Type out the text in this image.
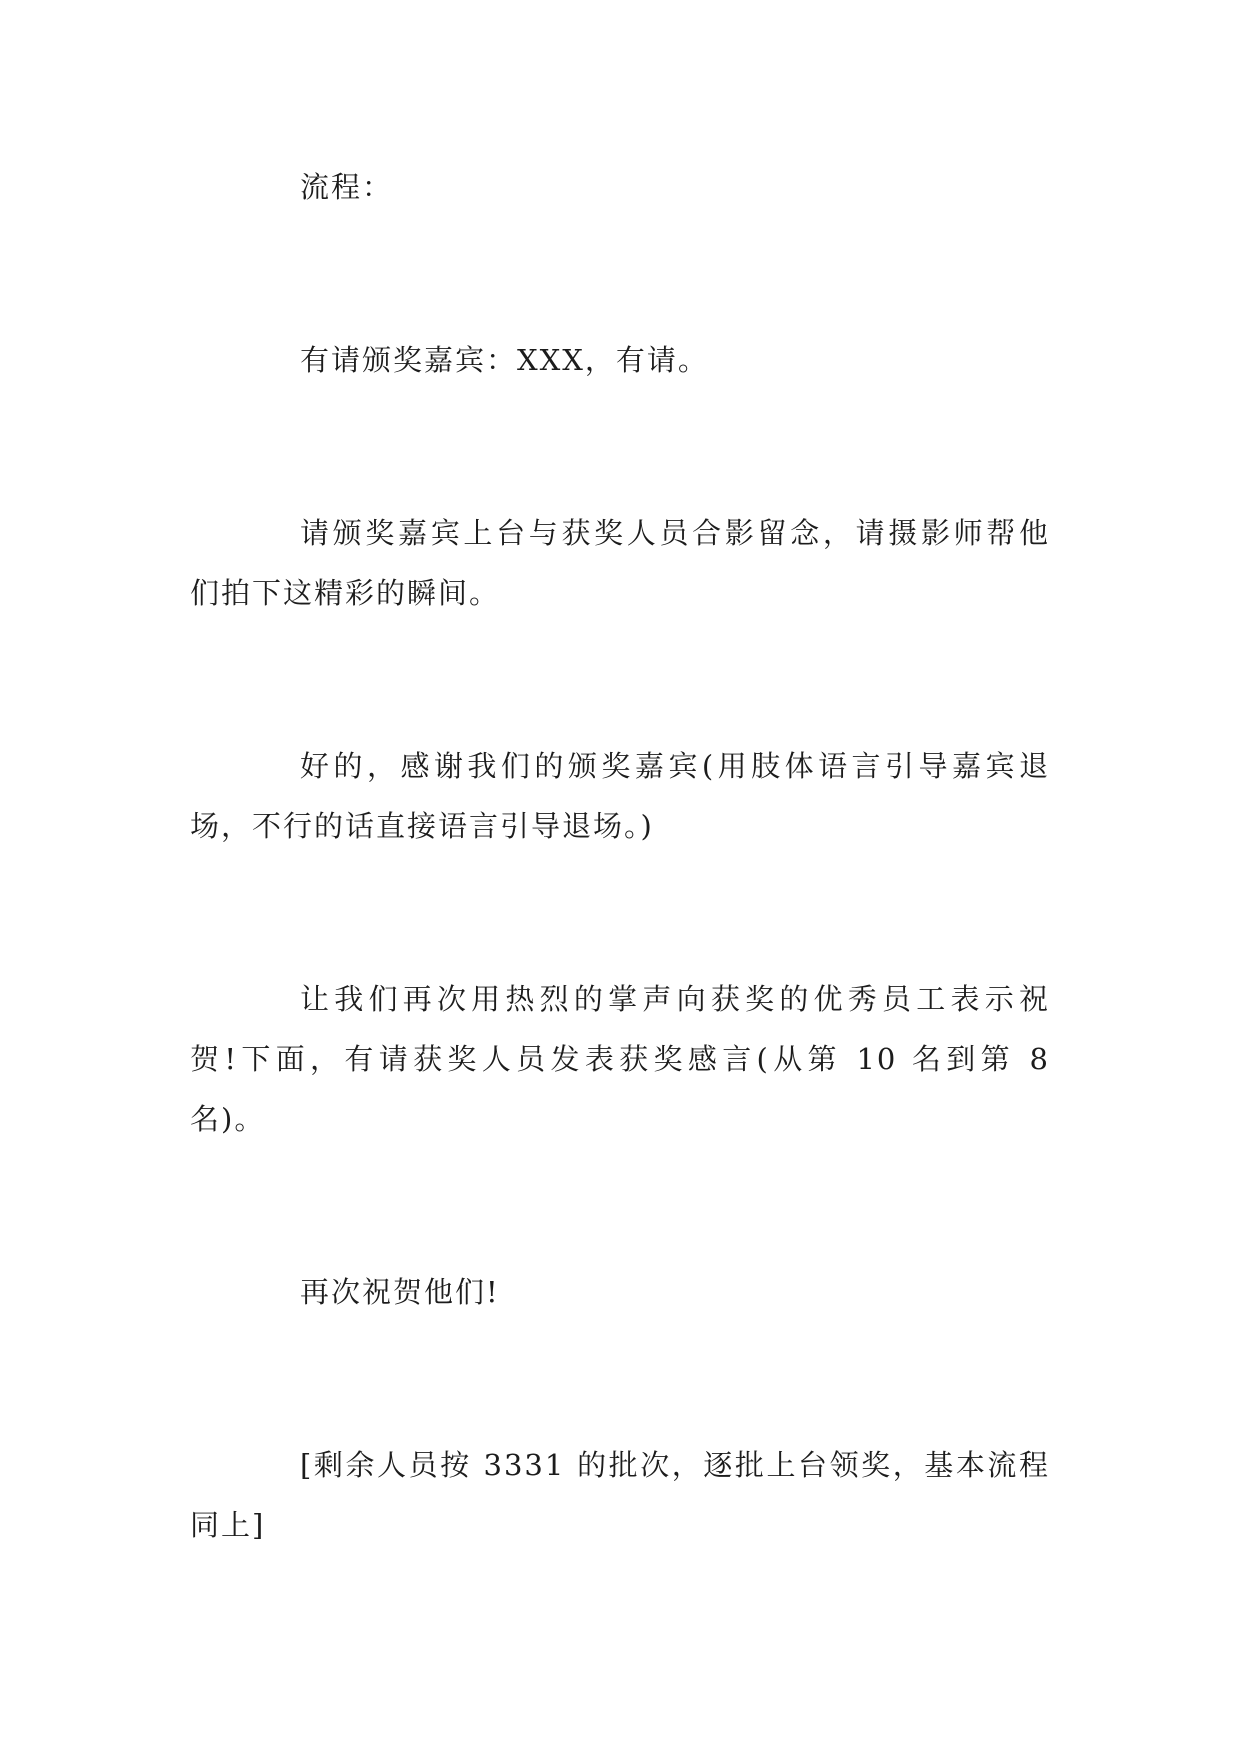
流程：
有请颁奖嘉宾：XXX，有请。
请颁奖嘉宾上台与获奖人员合影留念，请摄影师帮他
们拍下这精彩的瞬间。
好的，感谢我们的颁奖嘉宾(用肢体语言引导嘉宾退
场，不行的话直接语言引导退场。)
让我们再次用热烈的掌声向获奖的优秀员工表示祝
贺!下面，有请获奖人员发表获奖感言(从第 10 名到第 8
名)。
再次祝贺他们!
[剩余人员按 3331 的批次，逐批上台领奖，基本流程
同上]
